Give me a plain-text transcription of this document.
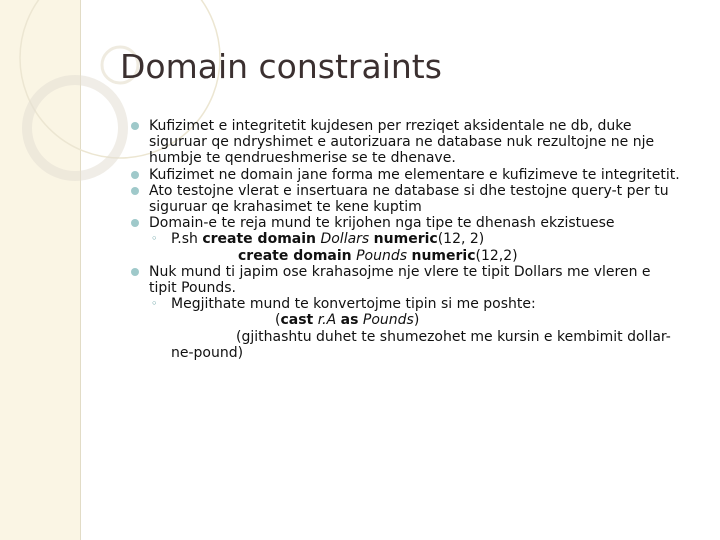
Domain constraints
Kufizimet e integritetit kujdesen per rreziqet aksidentale ne db, duke
siguruar qe ndryshimet e autorizuara ne database nuk rezultojne ne nje
humbje te qendrueshmerise se te dhenave.
Kufizimet ne domain jane forma me elementare e kufizimeve te integritetit.
Ato testojne vlerat e insertuara ne database si dhe testojne query-t per tu
siguruar qe krahasimet te kene kuptim
Domain-e te reja mund te krijohen nga tipe te dhenash ekzistuese
◦ P.sh create domain Dollars numeric(12, 2)
create domain Pounds numeric(12,2)
Nuk mund ti japim ose krahasojme nje vlere te tipit Dollars me vleren e
tipit Pounds.
◦ Megjithate mund te konvertojme tipin si me poshte:
(cast r.A as Pounds)
(gjithashtu duhet te shumezohet me kursin e kembimit dollar-
ne-pound)
